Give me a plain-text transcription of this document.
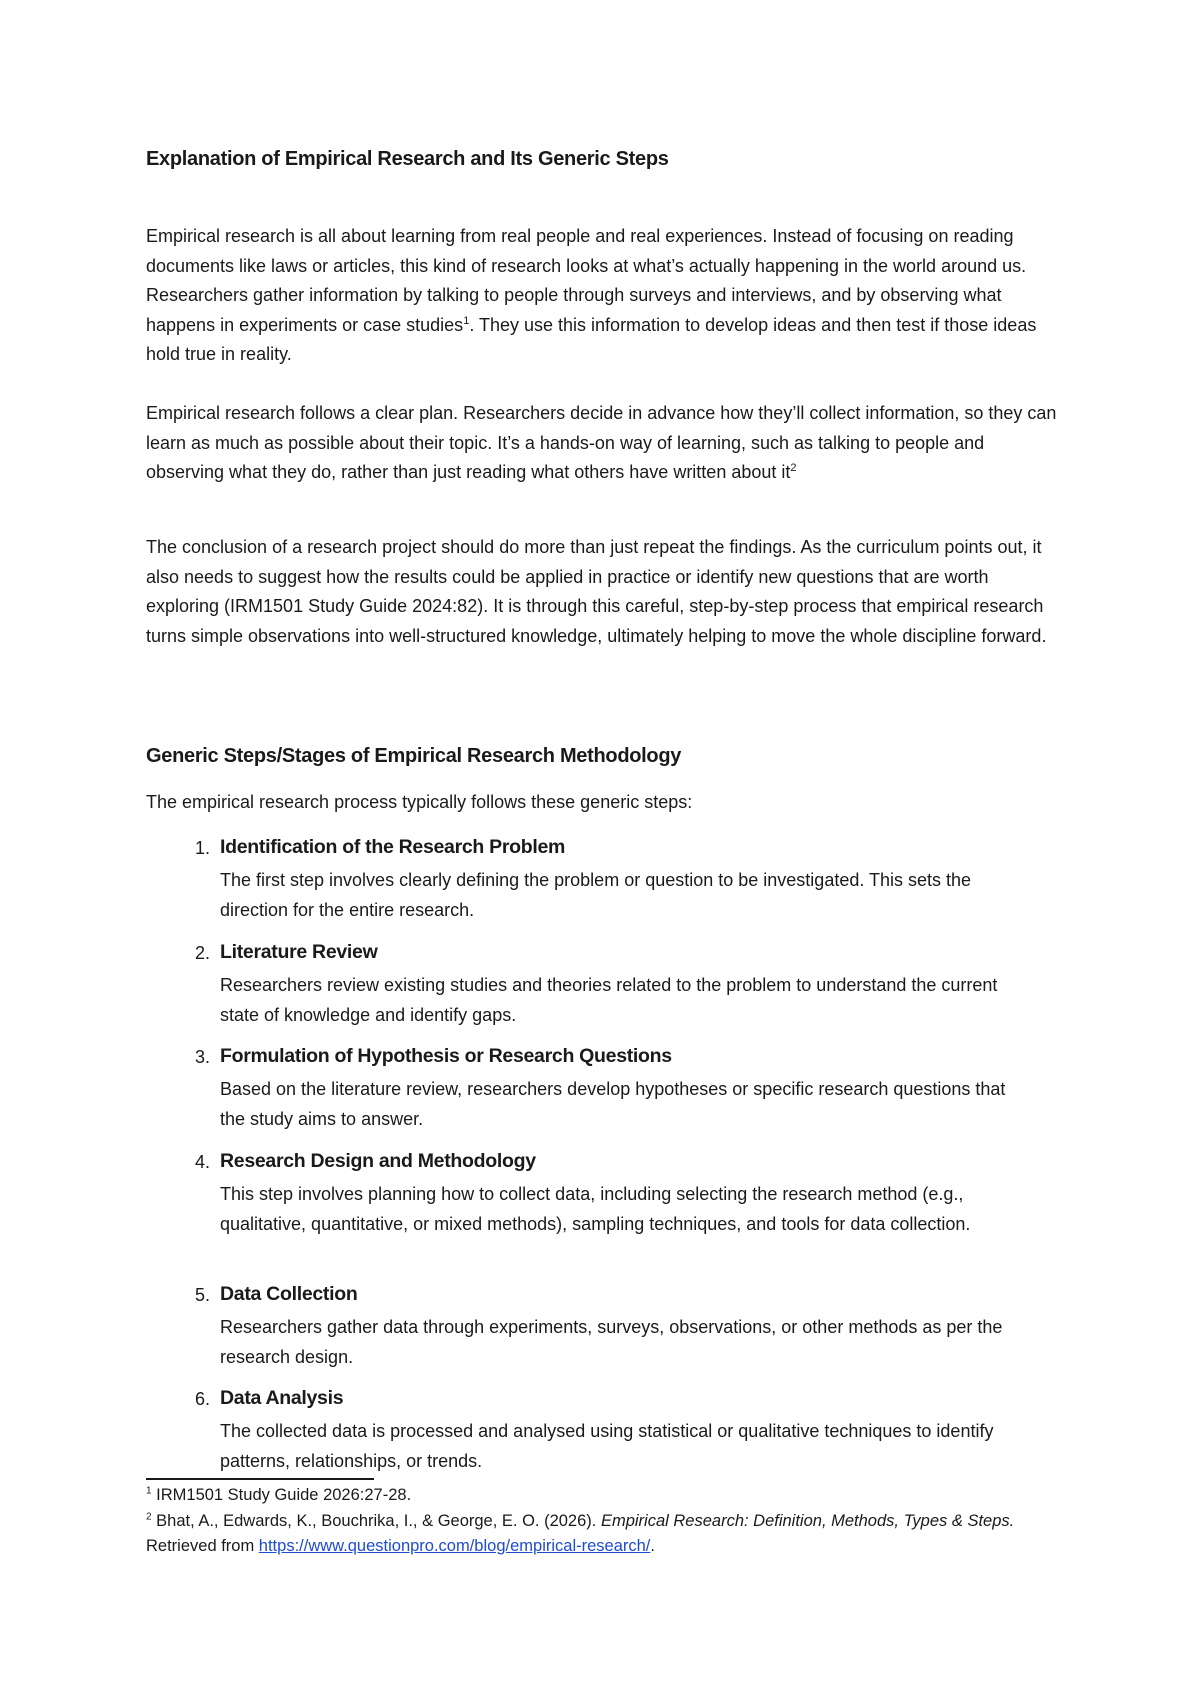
Explanation of Empirical Research and Its Generic Steps

Empirical research is all about learning from real people and real experiences. Instead of focusing on reading documents like laws or articles, this kind of research looks at what’s actually happening in the world around us. Researchers gather information by talking to people through surveys and interviews, and by observing what happens in experiments or case studies$^1$. They use this information to develop ideas and then test if those ideas hold true in reality.

Empirical research follows a clear plan. Researchers decide in advance how they’ll collect information, so they can learn as much as possible about their topic. It’s a hands-on way of learning, such as talking to people and observing what they do, rather than just reading what others have written about $it^2$

The conclusion of a research project should do more than just repeat the findings. As the curriculum points out, it also needs to suggest how the results could be applied in practice or identify new questions that are worth exploring (IRM1501 Study Guide 2024:82). It is through this careful, step-by-step process that empirical research turns simple observations into well-structured knowledge, ultimately helping to move the whole discipline forward.

Generic Steps/Stages of Empirical Research Methodology
The empirical research process typically follows these generic steps:
1. Identification of the Research Problem

The first step involves clearly defining the problem or question to be investigated. This sets the direction for the entire research.

2. Literature Review

Researchers review existing studies and theories related to the problem to understand the current state of knowledge and identify gaps.

3. Formulation of Hypothesis or Research Questions

Based on the literature review, researchers develop hypotheses or specific research questions that the study aims to answer.

4. Research Design and Methodology

This step involves planning how to collect data, including selecting the research method (e.g., qualitative, quantitative, or mixed methods), sampling techniques, and tools for data collection.

5. Data Collection

Researchers gather data through experiments, surveys, observations, or other methods as per the research design.

6. Data Analysis

The collected data is processed and analysed using statistical or qualitative techniques to identify patterns, relationships, or trends.

$^1$ IRM1501 Study Guide 2026:27-28.

$^2$ Bhat, A., Edwards, K., Bouchrika, I., & George, E. O. (2026). Empirical Research: Definition, Methods, Types & Steps. Retrieved from https://www.questionpro.com/blog/empirical-research/.
